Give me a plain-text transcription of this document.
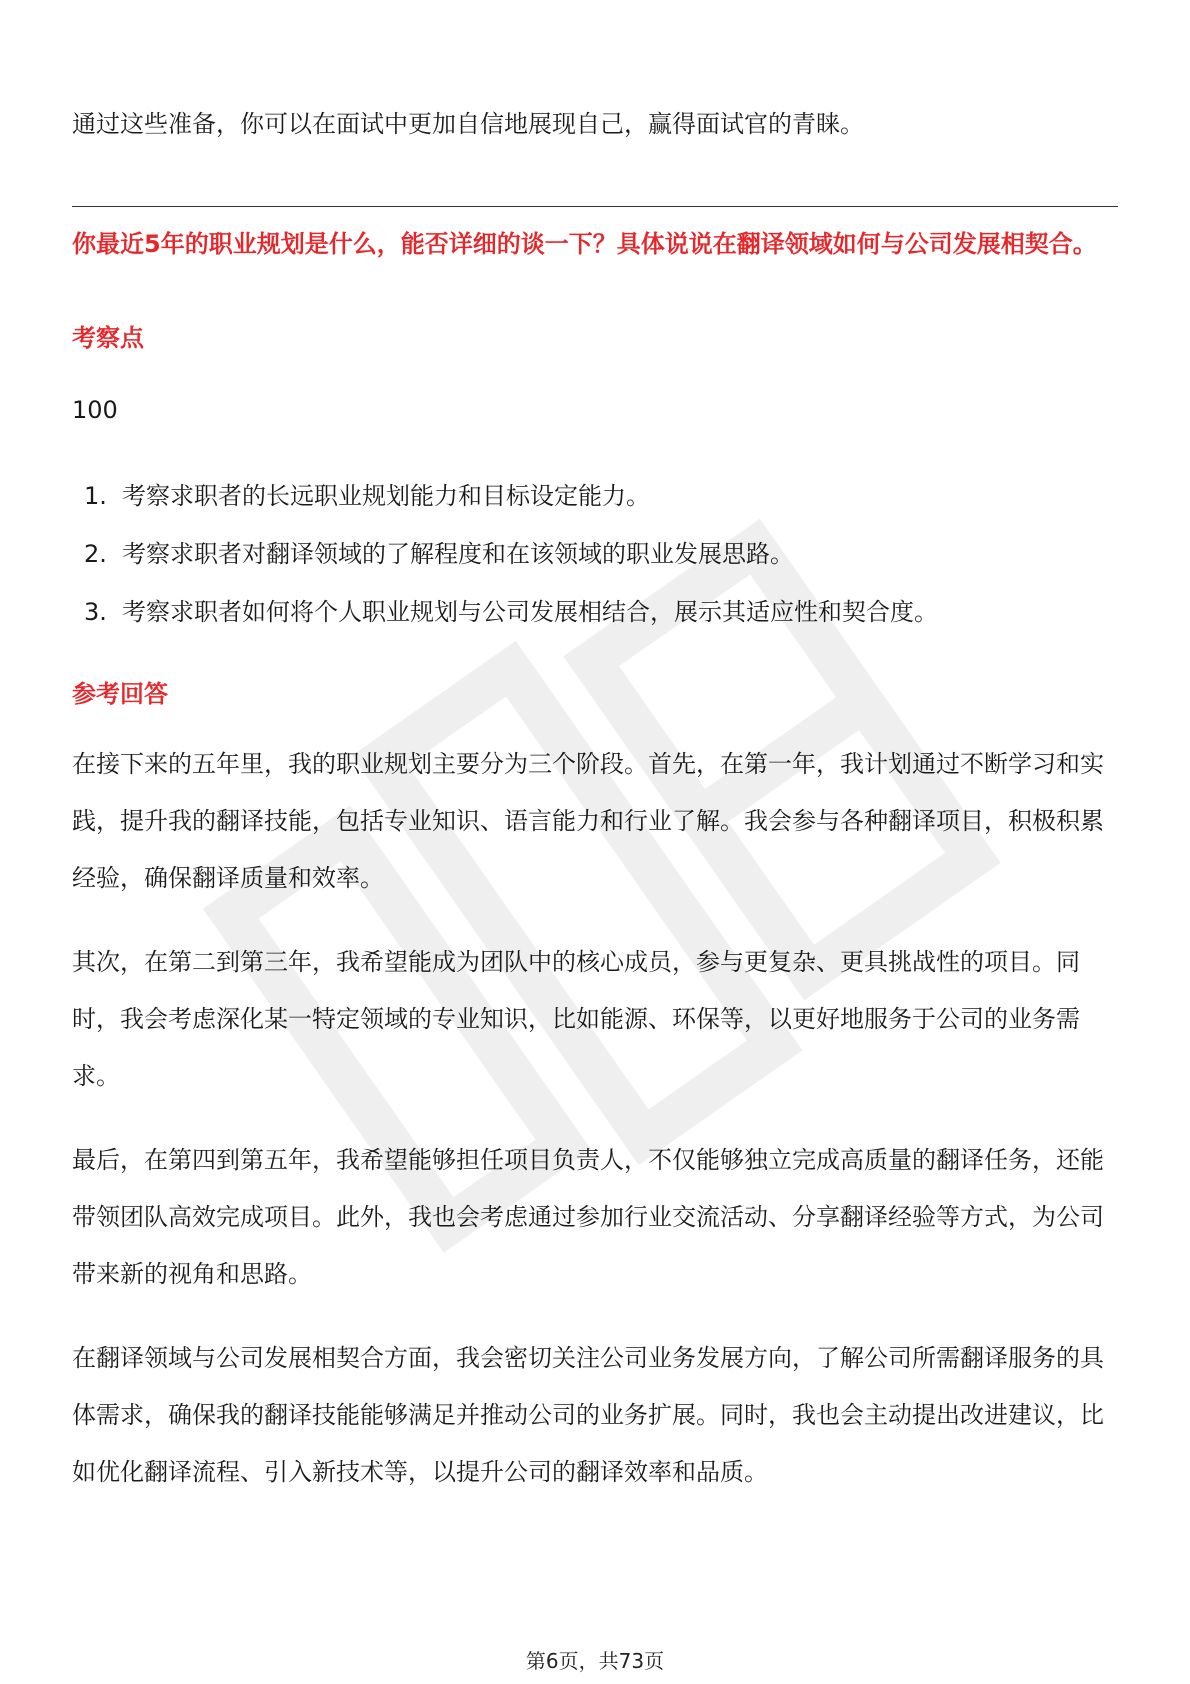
通过这些准备，你可以在面试中更加自信地展现自己，赢得面试官的青睐。

你最近5年的职业规划是什么，能否详细的谈一下？具体说说在翻译领域如何与公司发展相契合。

考察点

100

1. 考察求职者的长远职业规划能力和目标设定能力。
2. 考察求职者对翻译领域的了解程度和在该领域的职业发展思路。
3. 考察求职者如何将个人职业规划与公司发展相结合，展示其适应性和契合度。
参考回答

在接下来的五年里，我的职业规划主要分为三个阶段。首先，在第一年，我计划通过不断学习和实践，提升我的翻译技能，包括专业知识、语言能力和行业了解。我会参与各种翻译项目，积极积累经验，确保翻译质量和效率。

其次，在第二到第三年，我希望能成为团队中的核心成员，参与更复杂、更具挑战性的项目。同时，我会考虑深化某一特定领域的专业知识，比如能源、环保等，以更好地服务于公司的业务需求。

最后，在第四到第五年，我希望能够担任项目负责人，不仅能够独立完成高质量的翻译任务，还能带领团队高效完成项目。此外，我也会考虑通过参加行业交流活动、分享翻译经验等方式，为公司带来新的视角和思路。

在翻译领域与公司发展相契合方面，我会密切关注公司业务发展方向，了解公司所需翻译服务的具体需求，确保我的翻译技能能够满足并推动公司的业务扩展。同时，我也会主动提出改进建议，比如优化翻译流程、引入新技术等，以提升公司的翻译效率和品质。

第6页，共73页
